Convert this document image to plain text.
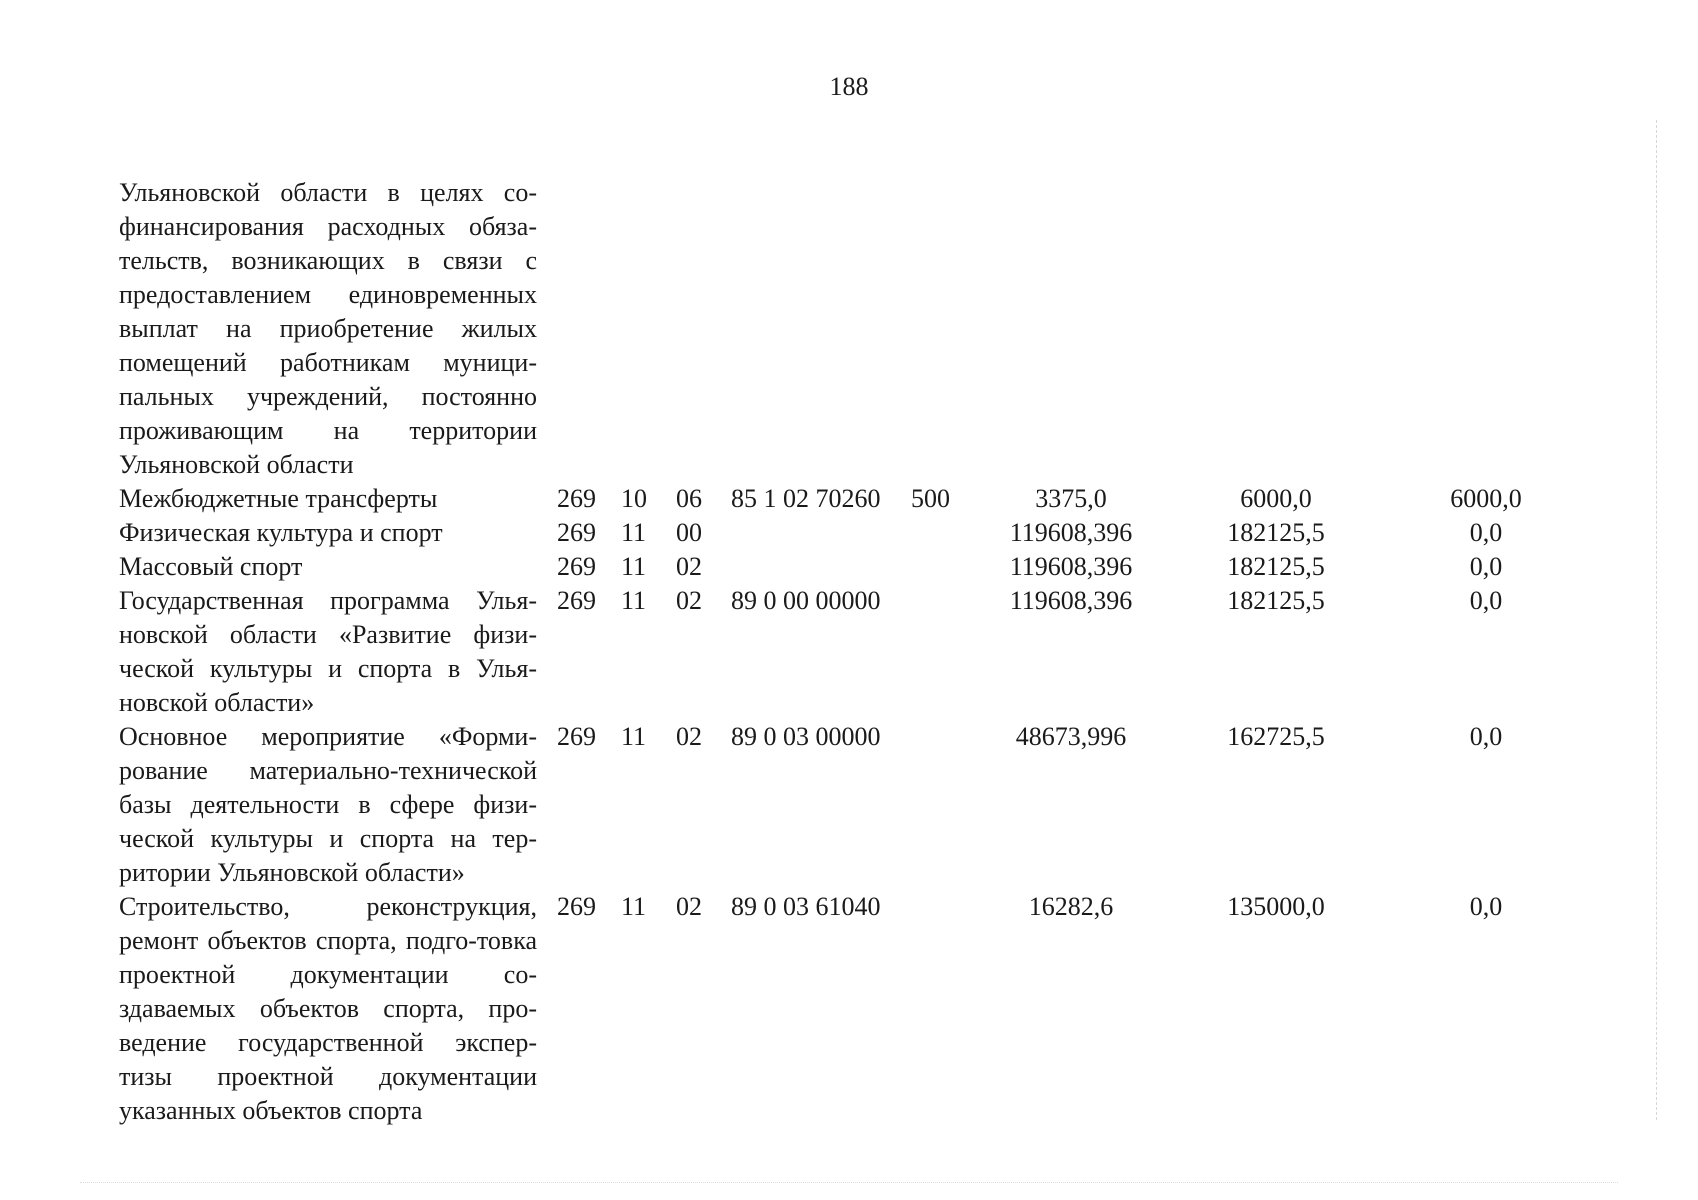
188
Ульяновской области в целях со-финансирования расходных обяза-тельств, возникающих в связи с предоставлением единовременных выплат на приобретение жилых помещений работникам муници-пальных учреждений, постоянно проживающим на территории Ульяновской области								
Межбюджетные трансферты	269	10	06	85 1 02 70260	500	3375,0	6000,0	6000,0
Физическая культура и спорт	269	11	00			119608,396	182125,5	0,0
Массовый спорт	269	11	02			119608,396	182125,5	0,0
Государственная программа Улья-новской области «Развитие физи-ческой культуры и спорта в Улья-новской области»	269	11	02	89 0 00 00000		119608,396	182125,5	0,0
Основное мероприятие «Форми-рование материально-технической базы деятельности в сфере физи-ческой культуры и спорта на тер-ритории Ульяновской области»	269	11	02	89 0 03 00000		48673,996	162725,5	0,0
Строительство, реконструкция, ремонт объектов спорта, подго-товка проектной документации со-здаваемых объектов спорта, про-ведение государственной экспер-тизы проектной документации указанных объектов спорта	269	11	02	89 0 03 61040		16282,6	135000,0	0,0
